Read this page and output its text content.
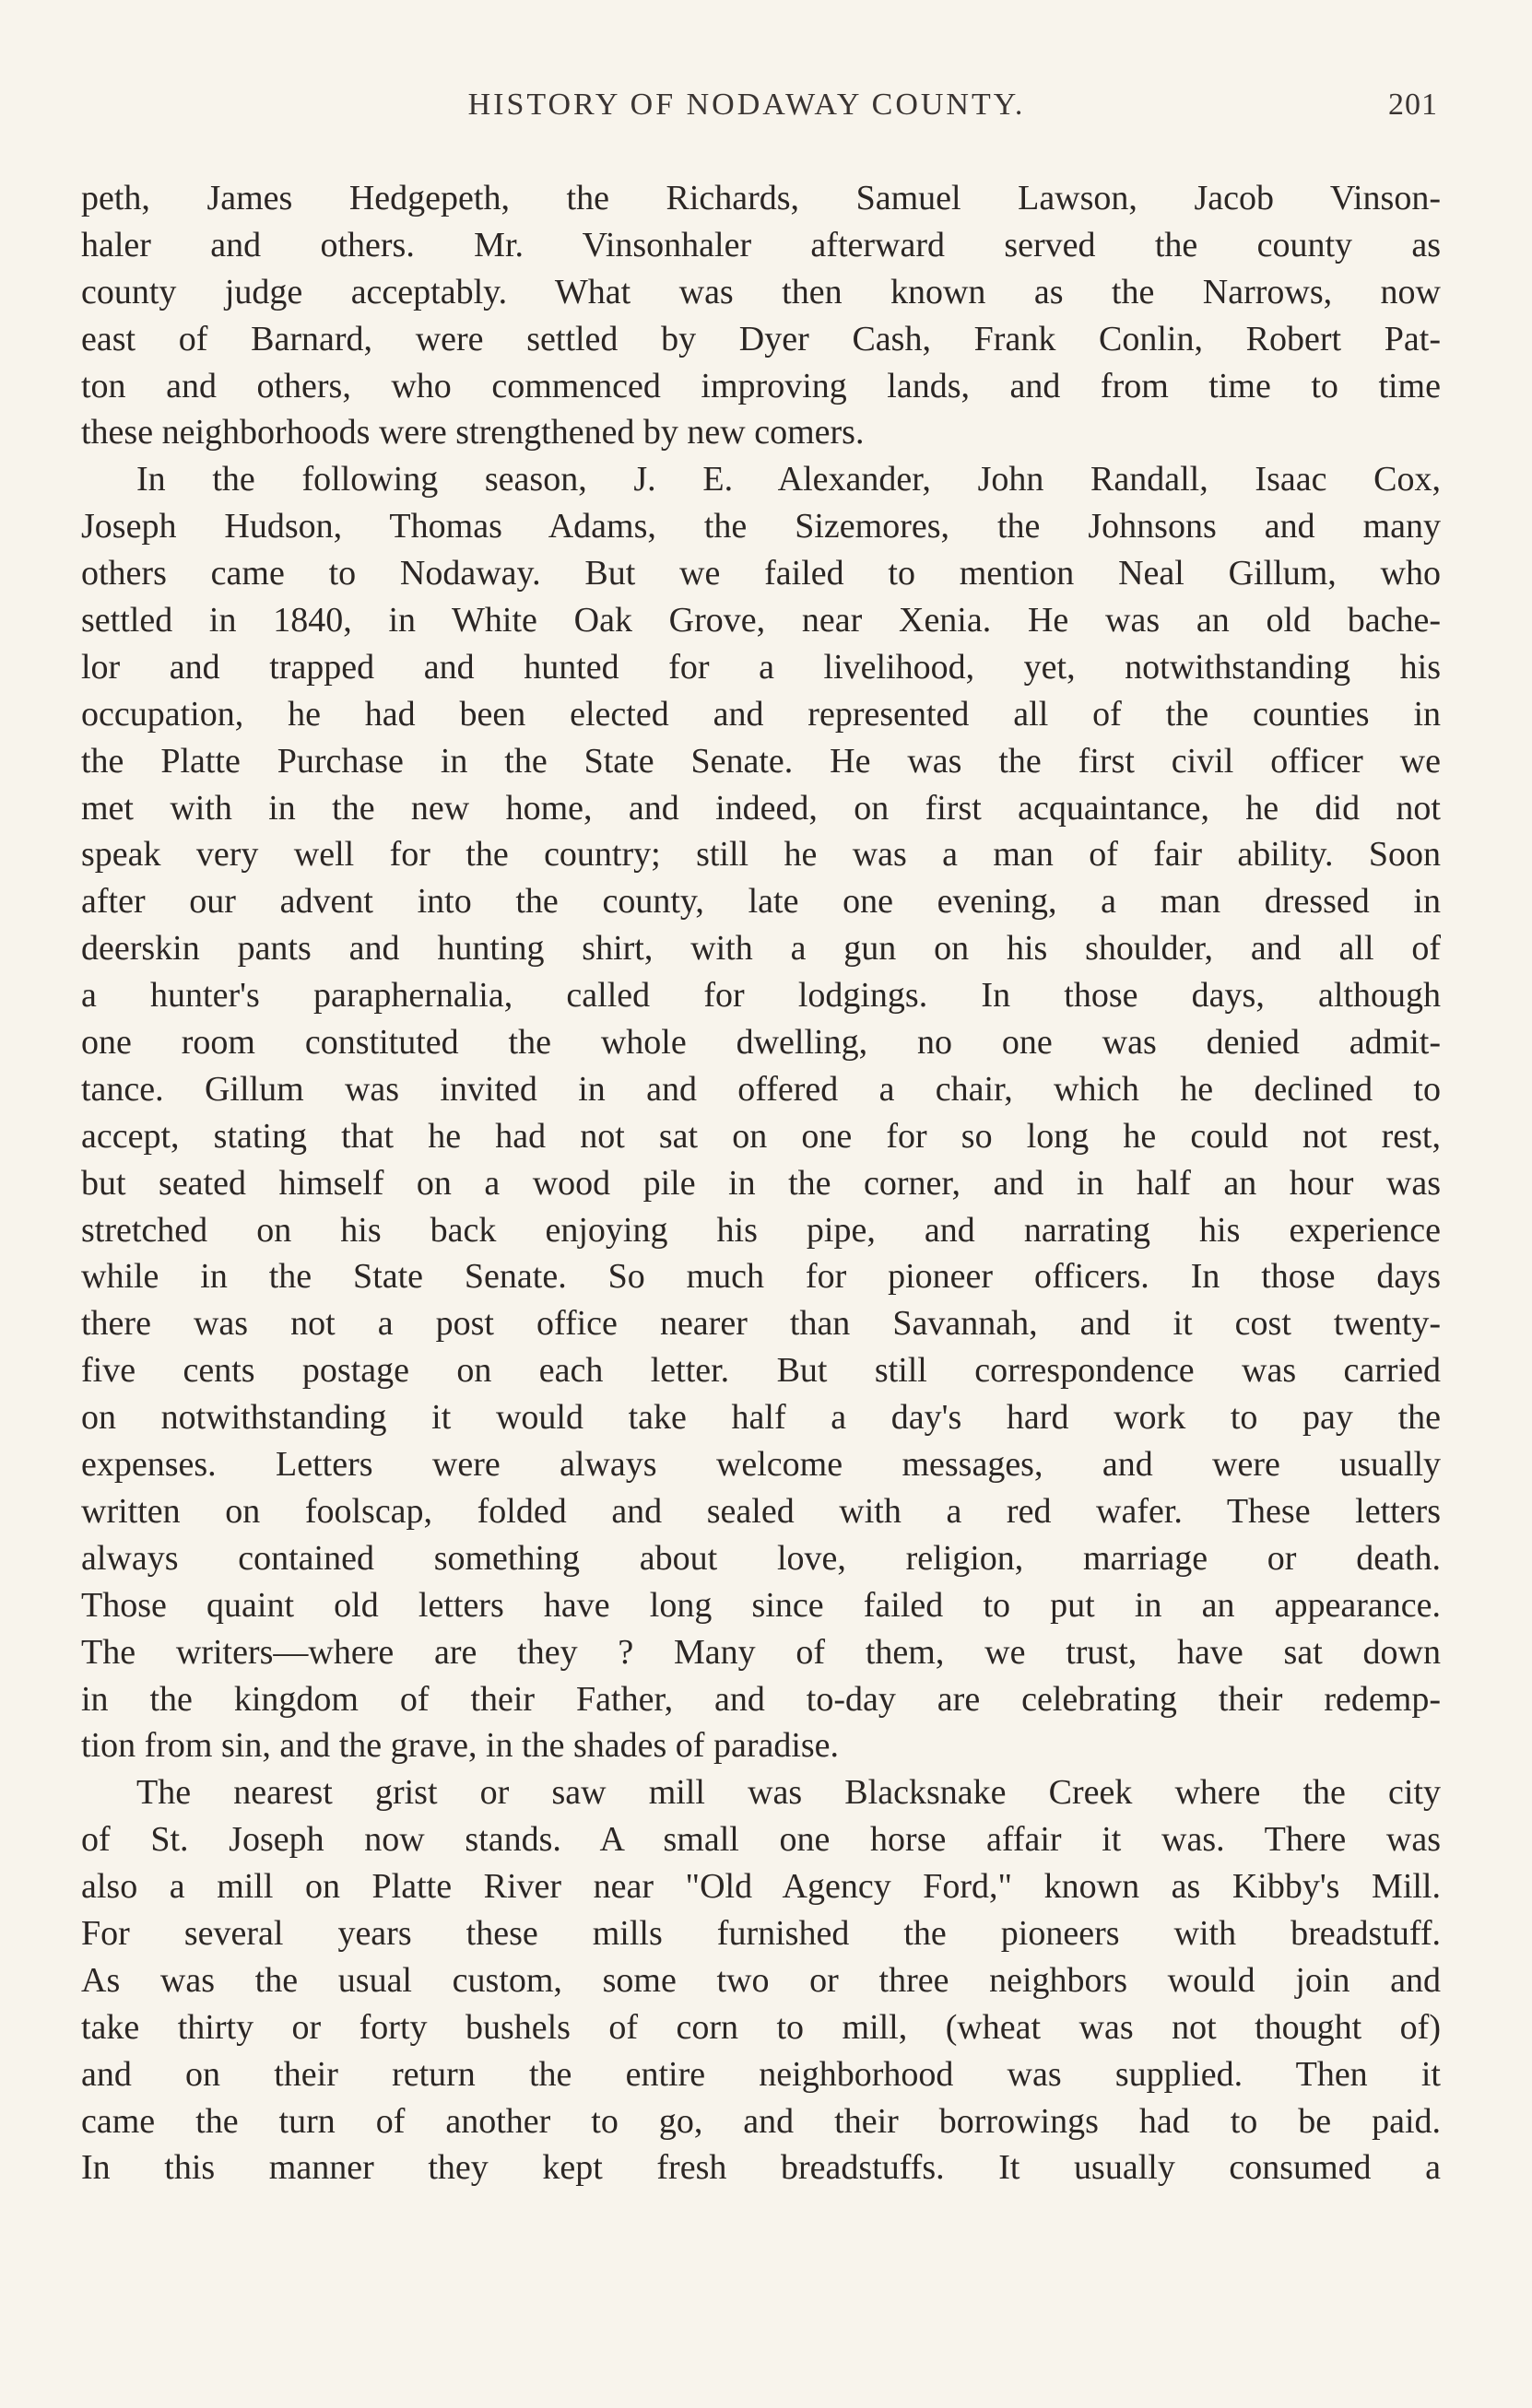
HISTORY OF NODAWAY COUNTY.	201
peth, James Hedgepeth, the Richards, Samuel Lawson, Jacob Vinson-
haler and others. Mr. Vinsonhaler afterward served the county as
county judge acceptably. What was then known as the Narrows, now
east of Barnard, were settled by Dyer Cash, Frank Conlin, Robert Pat-
ton and others, who commenced improving lands, and from time to time
these neighborhoods were strengthened by new comers.
In the following season, J. E. Alexander, John Randall, Isaac Cox,
Joseph Hudson, Thomas Adams, the Sizemores, the Johnsons and many
others came to Nodaway. But we failed to mention Neal Gillum, who
settled in 1840, in White Oak Grove, near Xenia. He was an old bache-
lor and trapped and hunted for a livelihood, yet, notwithstanding his
occupation, he had been elected and represented all of the counties in
the Platte Purchase in the State Senate. He was the first civil officer we
met with in the new home, and indeed, on first acquaintance, he did not
speak very well for the country; still he was a man of fair ability. Soon
after our advent into the county, late one evening, a man dressed in
deerskin pants and hunting shirt, with a gun on his shoulder, and all of
a hunter's paraphernalia, called for lodgings. In those days, although
one room constituted the whole dwelling, no one was denied admit-
tance. Gillum was invited in and offered a chair, which he declined to
accept, stating that he had not sat on one for so long he could not rest,
but seated himself on a wood pile in the corner, and in half an hour was
stretched on his back enjoying his pipe, and narrating his experience
while in the State Senate. So much for pioneer officers. In those days
there was not a post office nearer than Savannah, and it cost twenty-
five cents postage on each letter. But still correspondence was carried
on notwithstanding it would take half a day's hard work to pay the
expenses. Letters were always welcome messages, and were usually
written on foolscap, folded and sealed with a red wafer. These letters
always contained something about love, religion, marriage or death.
Those quaint old letters have long since failed to put in an appearance.
The writers—where are they ? Many of them, we trust, have sat down
in the kingdom of their Father, and to-day are celebrating their redemp-
tion from sin, and the grave, in the shades of paradise.
The nearest grist or saw mill was Blacksnake Creek where the city
of St. Joseph now stands. A small one horse affair it was. There was
also a mill on Platte River near "Old Agency Ford," known as Kibby's Mill.
For several years these mills furnished the pioneers with breadstuff.
As was the usual custom, some two or three neighbors would join and
take thirty or forty bushels of corn to mill, (wheat was not thought of)
and on their return the entire neighborhood was supplied. Then it
came the turn of another to go, and their borrowings had to be paid.
In this manner they kept fresh breadstuffs. It usually consumed a
